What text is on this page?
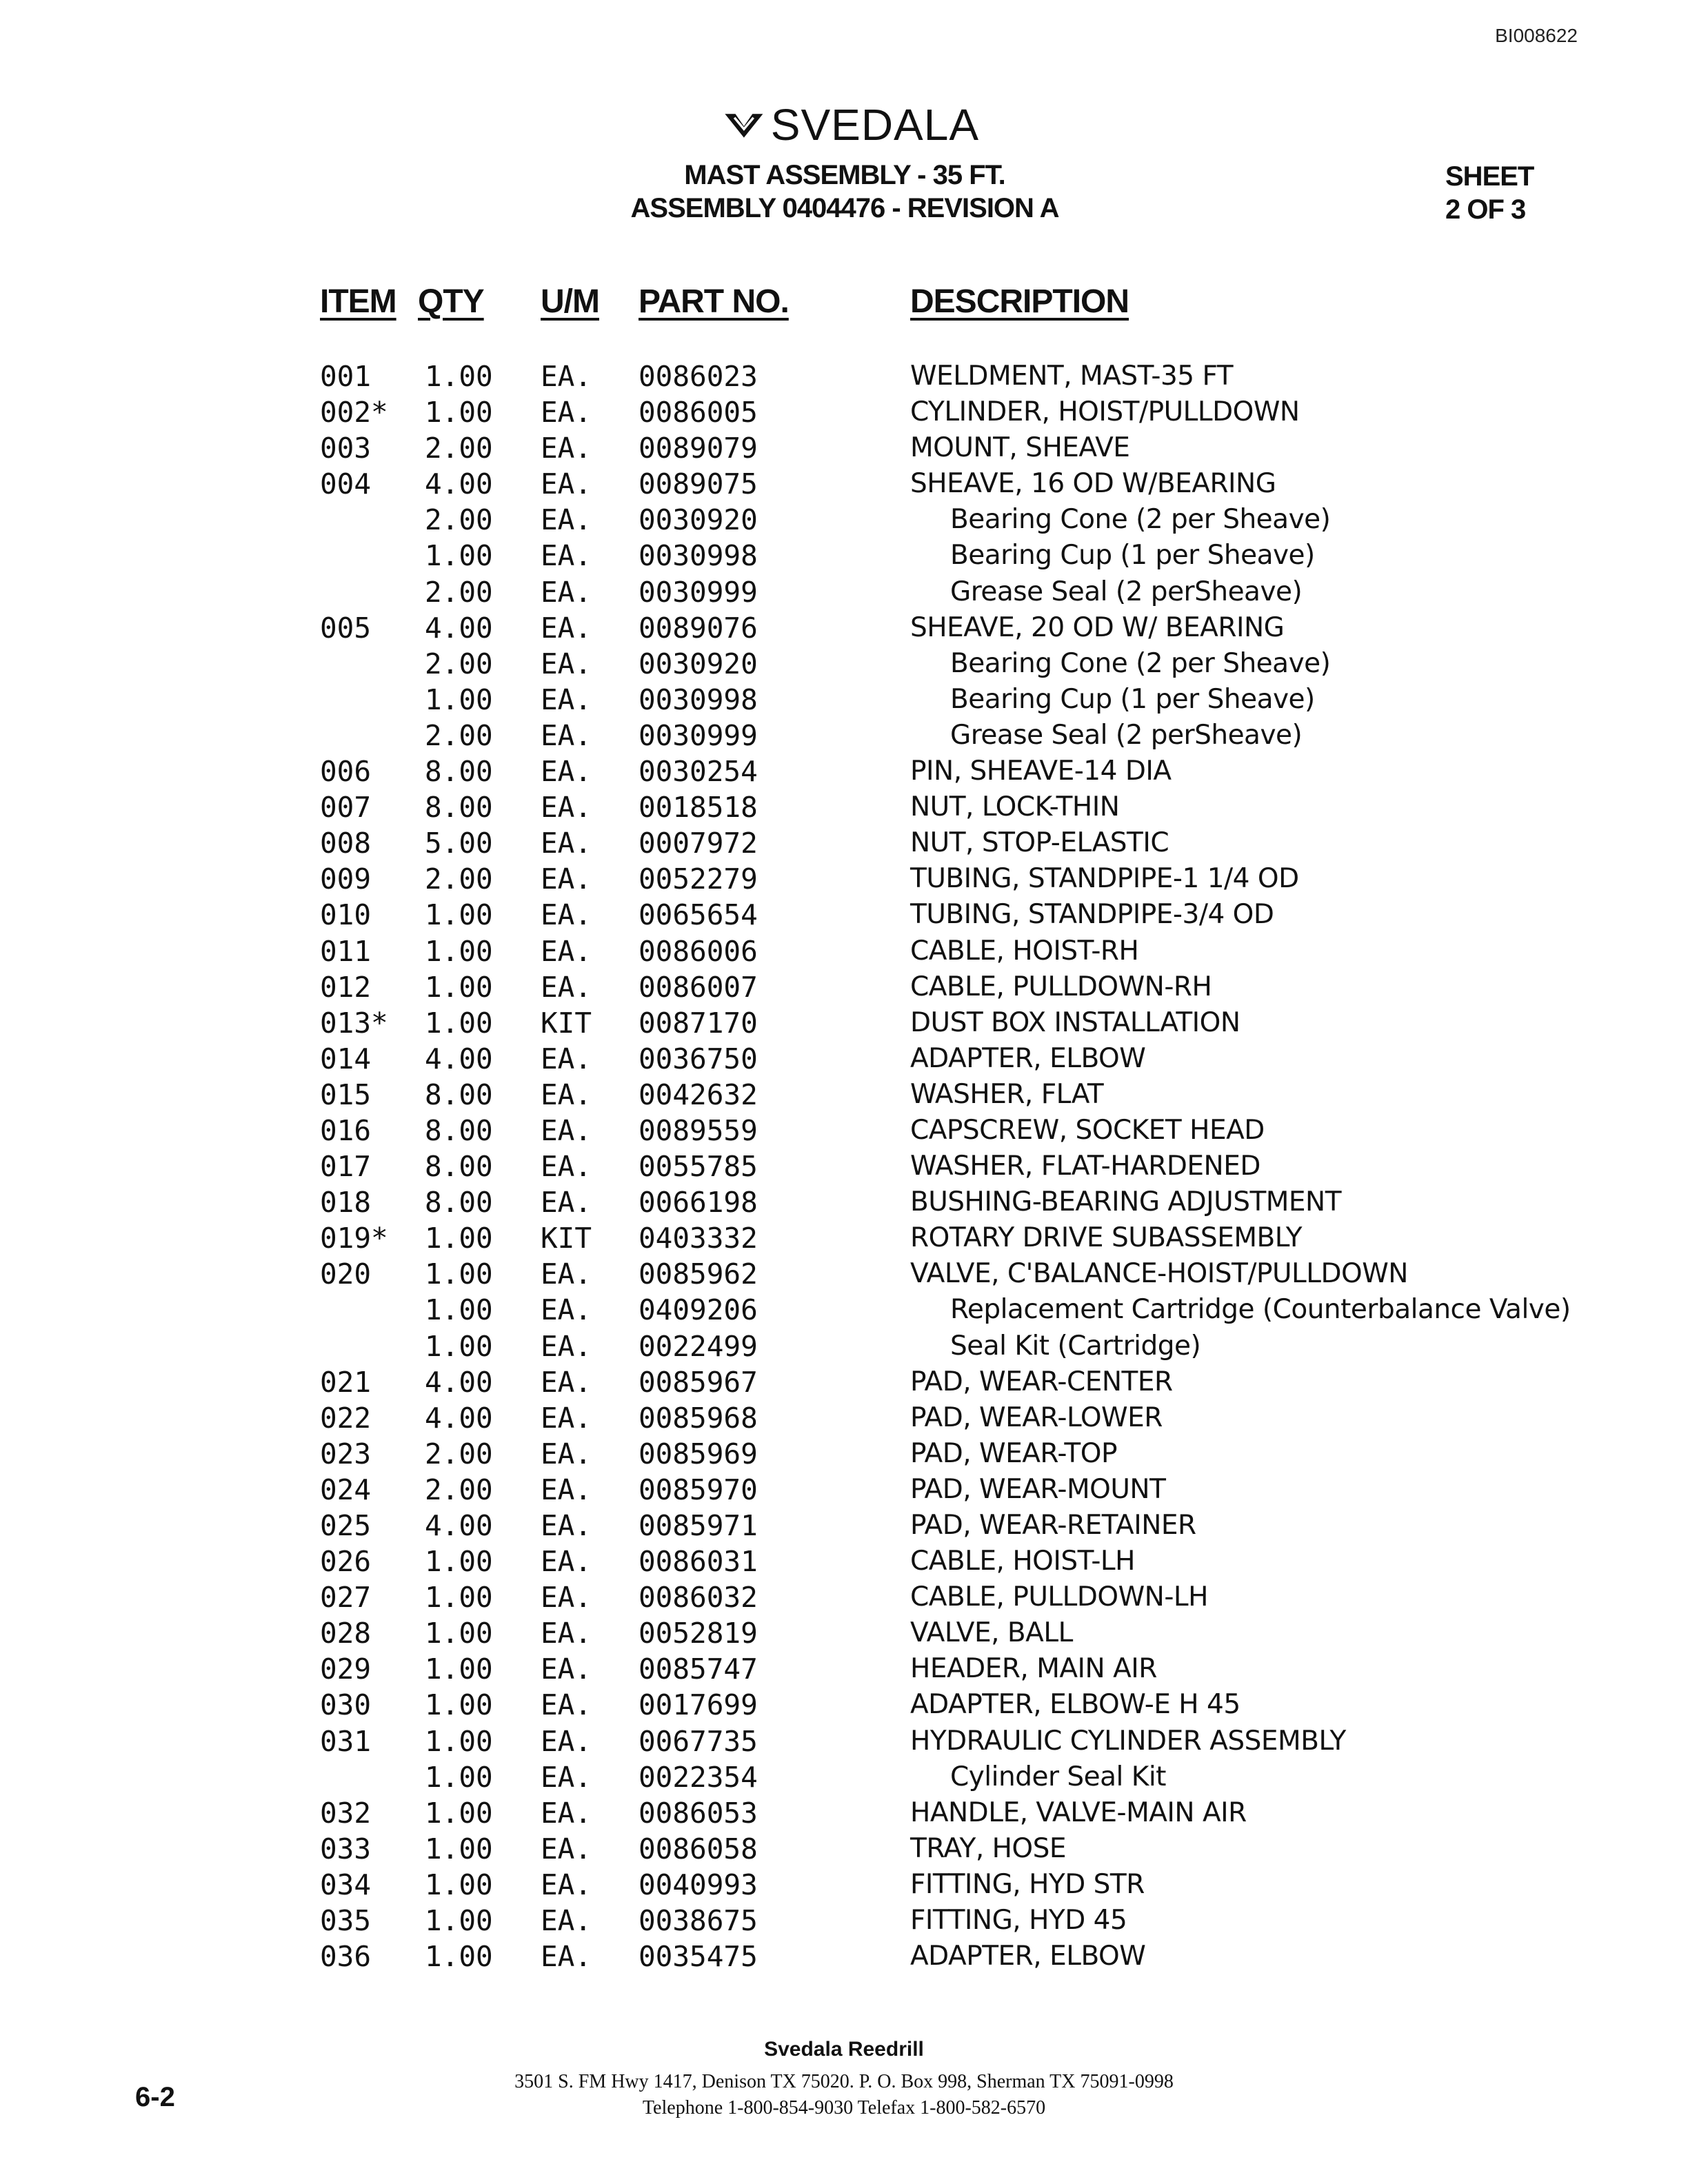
BI008622
SVEDALA
MAST ASSEMBLY - 35 FT.
ASSEMBLY 0404476 - REVISION A
SHEET
2 OF 3
ITEM QTY U/M PART NO.	DESCRIPTION
001 1.00 EA. 0086023	WELDMENT, MAST-35 FT
002* 1.00 EA. 0086005	CYLINDER, HOIST/PULLDOWN
003 2.00 EA. 0089079	MOUNT, SHEAVE
004 4.00 EA. 0089075	SHEAVE, 16 OD W/BEARING
2.00 EA. 0030920	Bearing Cone (2 per Sheave)
1.00 EA. 0030998	Bearing Cup (1 per Sheave)
2.00 EA. 0030999	Grease Seal (2 perSheave)
005 4.00 EA. 0089076	SHEAVE, 20 OD W/ BEARING
2.00 EA. 0030920	Bearing Cone (2 per Sheave)
1.00 EA. 0030998	Bearing Cup (1 per Sheave)
2.00 EA. 0030999	Grease Seal (2 perSheave)
006 8.00 EA. 0030254	PIN, SHEAVE-14 DIA
007 8.00 EA. 0018518	NUT, LOCK-THIN
008 5.00 EA. 0007972	NUT, STOP-ELASTIC
009 2.00 EA. 0052279	TUBING, STANDPIPE-1 1/4 OD
010 1.00 EA. 0065654	TUBING, STANDPIPE-3/4 OD
011 1.00 EA. 0086006	CABLE, HOIST-RH
012 1.00 EA. 0086007	CABLE, PULLDOWN-RH
013* 1.00 KIT 0087170	DUST BOX INSTALLATION
014 4.00 EA. 0036750	ADAPTER, ELBOW
015 8.00 EA. 0042632	WASHER, FLAT
016 8.00 EA. 0089559	CAPSCREW, SOCKET HEAD
017 8.00 EA. 0055785	WASHER, FLAT-HARDENED
018 8.00 EA. 0066198	BUSHING-BEARING ADJUSTMENT
019* 1.00 KIT 0403332	ROTARY DRIVE SUBASSEMBLY
020 1.00 EA. 0085962	VALVE, C'BALANCE-HOIST/PULLDOWN
1.00 EA. 0409206	Replacement Cartridge (Counterbalance Valve)
1.00 EA. 0022499	Seal Kit (Cartridge)
021 4.00 EA. 0085967	PAD, WEAR-CENTER
022 4.00 EA. 0085968	PAD, WEAR-LOWER
023 2.00 EA. 0085969	PAD, WEAR-TOP
024 2.00 EA. 0085970	PAD, WEAR-MOUNT
025 4.00 EA. 0085971	PAD, WEAR-RETAINER
026 1.00 EA. 0086031	CABLE, HOIST-LH
027 1.00 EA. 0086032	CABLE, PULLDOWN-LH
028 1.00 EA. 0052819	VALVE, BALL
029 1.00 EA. 0085747	HEADER, MAIN AIR
030 1.00 EA. 0017699	ADAPTER, ELBOW-E H 45
031 1.00 EA. 0067735	HYDRAULIC CYLINDER ASSEMBLY
1.00 EA. 0022354	Cylinder Seal Kit
032 1.00 EA. 0086053	HANDLE, VALVE-MAIN AIR
033 1.00 EA. 0086058	TRAY, HOSE
034 1.00 EA. 0040993	FITTING, HYD STR
035 1.00 EA. 0038675	FITTING, HYD 45
036 1.00 EA. 0035475	ADAPTER, ELBOW
Svedala Reedrill
3501 S. FM Hwy 1417, Denison TX 75020. P. O. Box 998, Sherman TX 75091-0998
Telephone 1-800-854-9030 Telefax 1-800-582-6570
6-2
